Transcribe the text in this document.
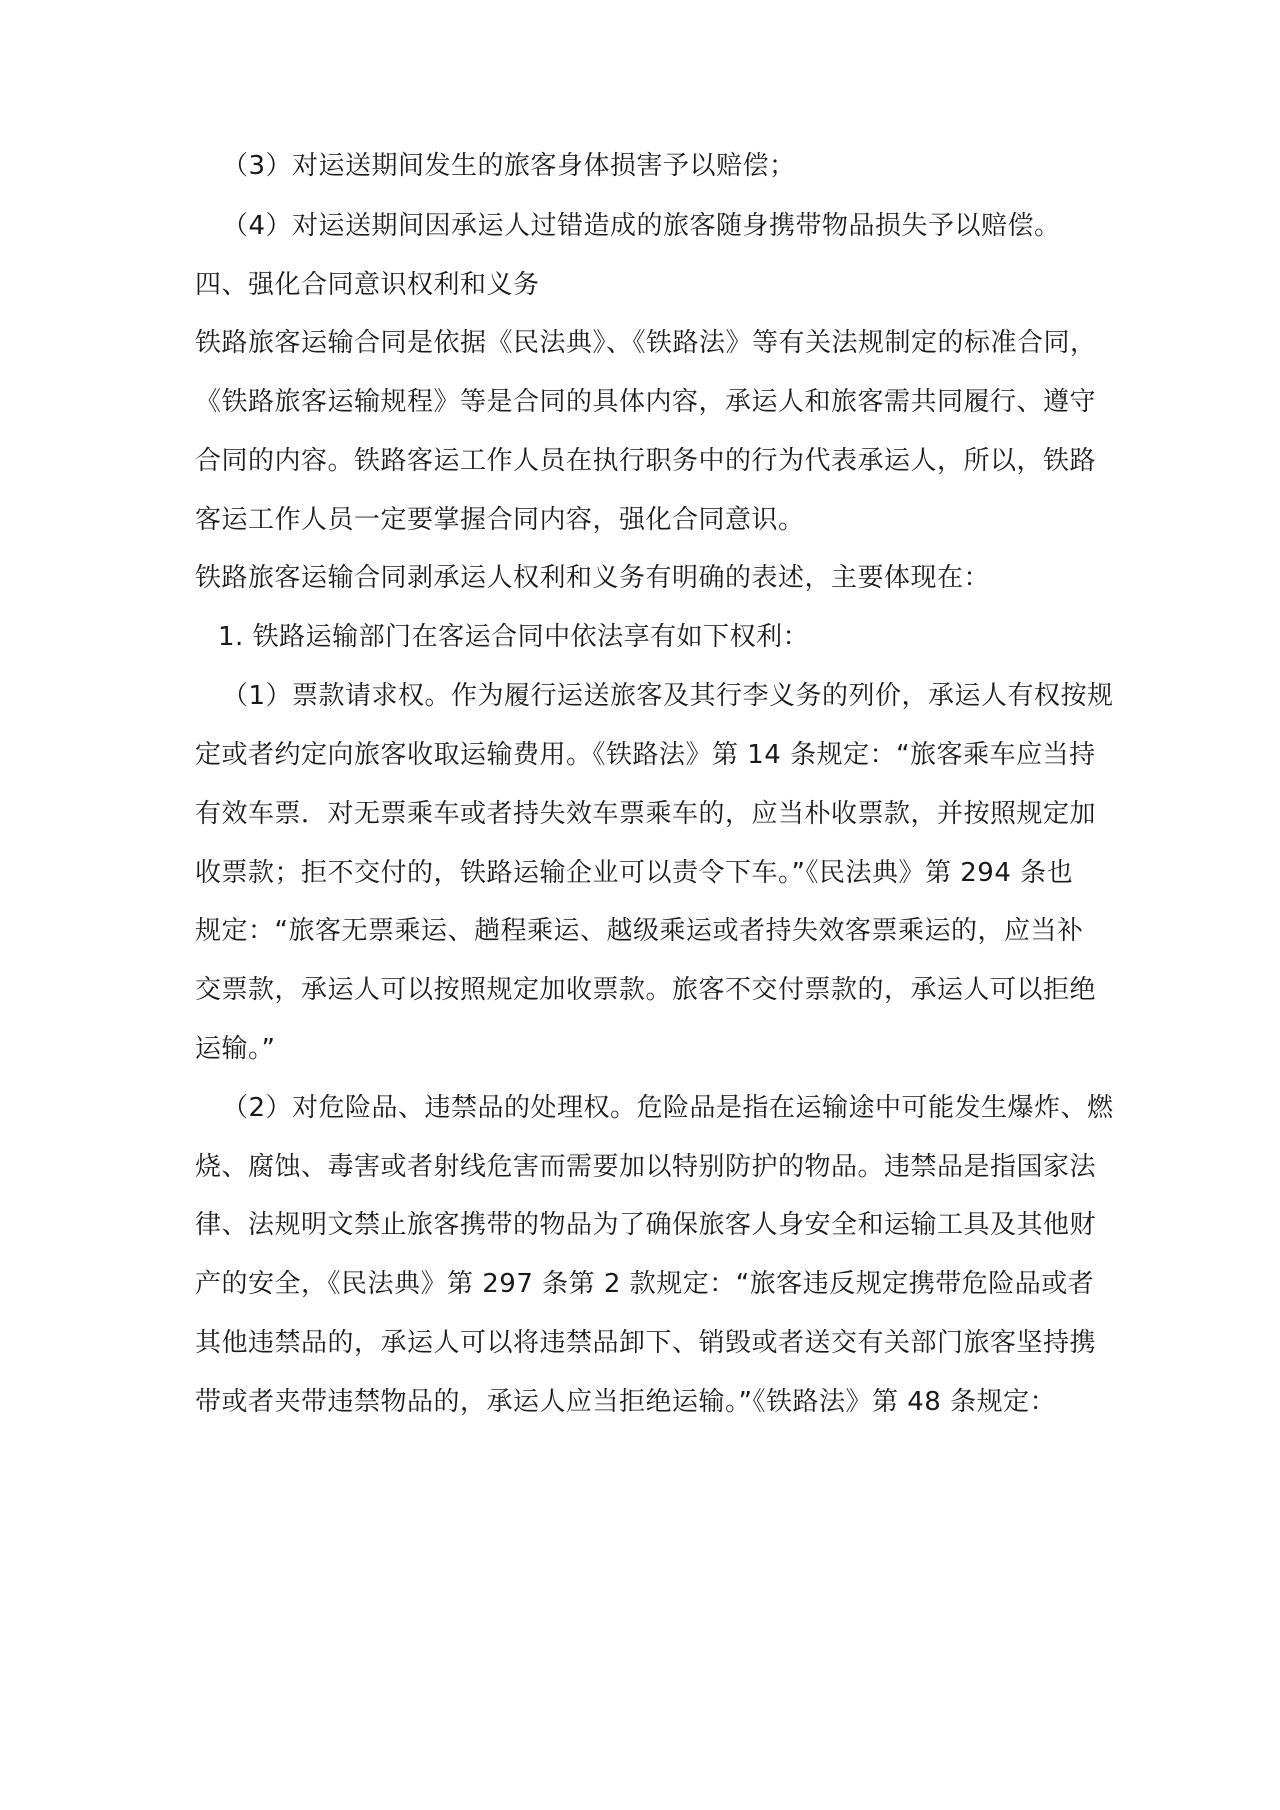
（3）对运送期间发生的旅客身体损害予以赔偿；
（4）对运送期间因承运人过错造成的旅客随身携带物品损失予以赔偿。
四、强化合同意识权利和义务
铁路旅客运输合同是依据《民法典》、《铁路法》等有关法规制定的标准合同，
《铁路旅客运输规程》等是合同的具体内容，承运人和旅客需共同履行、遵守
合同的内容。铁路客运工作人员在执行职务中的行为代表承运人，所以，铁路
客运工作人员一定要掌握合同内容，强化合同意识。
铁路旅客运输合同剥承运人权利和义务有明确的表述，主要体现在：
1. 铁路运输部门在客运合同中依法享有如下权利：
（1）票款请求权。作为履行运送旅客及其行李义务的列价，承运人有权按规
定或者约定向旅客收取运输费用。《铁路法》第 14 条规定：“旅客乘车应当持
有效车票．对无票乘车或者持失效车票乘车的，应当朴收票款，并按照规定加
收票款；拒不交付的，铁路运输企业可以责令下车。”《民法典》第 294 条也
规定：“旅客无票乘运、趟程乘运、越级乘运或者持失效客票乘运的，应当补
交票款，承运人可以按照规定加收票款。旅客不交付票款的，承运人可以拒绝
运输。”
（2）对危险品、违禁品的处理权。危险品是指在运输途中可能发生爆炸、燃
烧、腐蚀、毒害或者射线危害而需要加以特别防护的物品。违禁品是指国家法
律、法规明文禁止旅客携带的物品为了确保旅客人身安全和运输工具及其他财
产的安全，《民法典》第 297 条第 2 款规定：“旅客违反规定携带危险品或者
其他违禁品的，承运人可以将违禁品卸下、销毁或者送交有关部门旅客坚持携
带或者夹带违禁物品的，承运人应当拒绝运输。”《铁路法》第 48 条规定：
